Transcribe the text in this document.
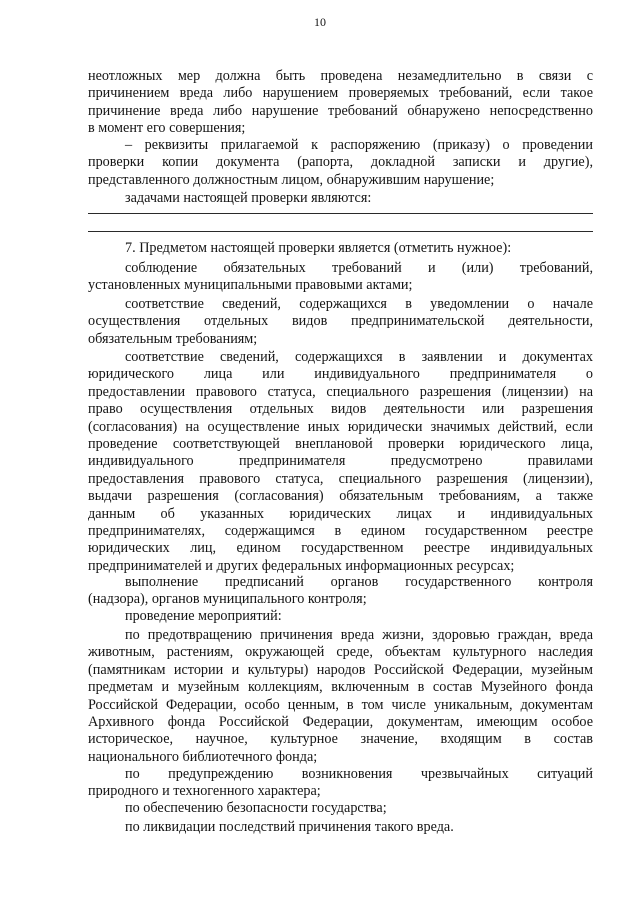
10

неотложных мер должна быть проведена незамедлительно в связи с

причинением вреда либо нарушением проверяемых требований, если такое

причинение вреда либо нарушение требований обнаружено непосредственно

в момент его совершения;

– реквизиты прилагаемой к распоряжению (приказу) о проведении

проверки копии документа (рапорта, докладной записки и другие),

представленного должностным лицом, обнаружившим нарушение;

задачами настоящей проверки являются:

7. Предметом настоящей проверки является (отметить нужное):

соблюдение обязательных требований и (или) требований,

установленных муниципальными правовыми актами;

соответствие сведений, содержащихся в уведомлении о начале

осуществления отдельных видов предпринимательской деятельности,

обязательным требованиям;

соответствие сведений, содержащихся в заявлении и документах

юридического лица или индивидуального предпринимателя о

предоставлении правового статуса, специального разрешения (лицензии) на

право осуществления отдельных видов деятельности или разрешения

(согласования) на осуществление иных юридически значимых действий, если

проведение соответствующей внеплановой проверки юридического лица,

индивидуального предпринимателя предусмотрено правилами

предоставления правового статуса, специального разрешения (лицензии),

выдачи разрешения (согласования) обязательным требованиям, а также

данным об указанных юридических лицах и индивидуальных

предпринимателях, содержащимся в едином государственном реестре

юридических лиц, едином государственном реестре индивидуальных

предпринимателей и других федеральных информационных ресурсах;

выполнение предписаний органов государственного контроля

(надзора), органов муниципального контроля;

проведение мероприятий:

по предотвращению причинения вреда жизни, здоровью граждан, вреда

животным, растениям, окружающей среде, объектам культурного наследия

(памятникам истории и культуры) народов Российской Федерации, музейным

предметам и музейным коллекциям, включенным в состав Музейного фонда

Российской Федерации, особо ценным, в том числе уникальным, документам

Архивного фонда Российской Федерации, документам, имеющим особое

историческое, научное, культурное значение, входящим в состав

национального библиотечного фонда;

по предупреждению возникновения чрезвычайных ситуаций

природного и техногенного характера;

по обеспечению безопасности государства;

по ликвидации последствий причинения такого вреда.
